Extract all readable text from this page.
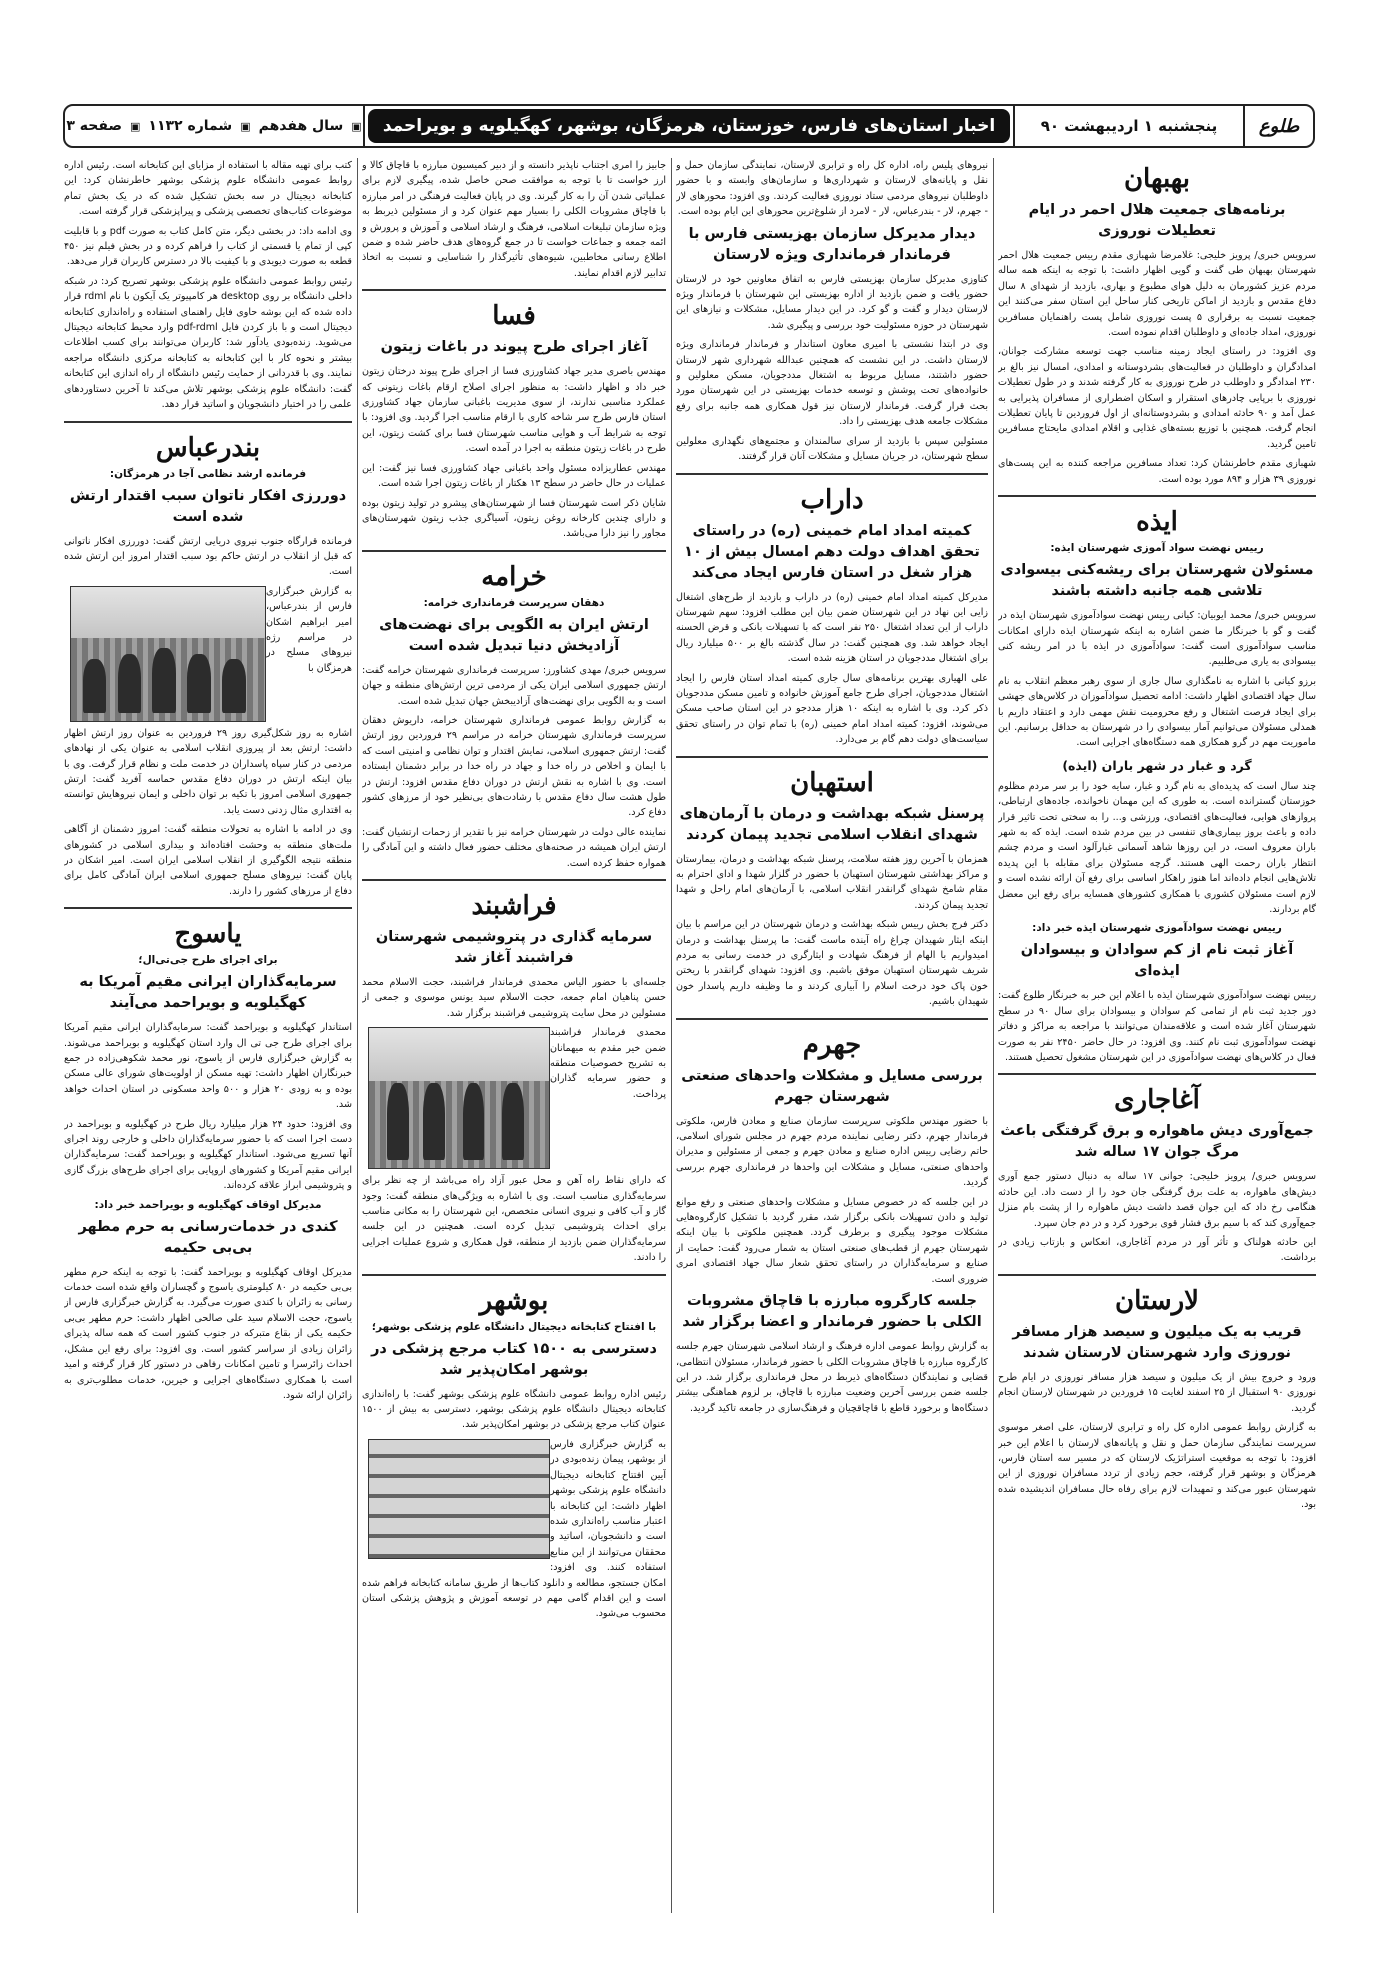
طلوع
پنجشنبه ۱ اردیبهشت ۹۰
اخبار استان‌های فارس، خوزستان، هرمزگان، بوشهر، کهگیلویه و بویراحمد
▣
سال هفدهم
▣
شماره ۱۱۳۲
▣
صفحه ۳
بهبهان
برنامه‌های جمعیت هلال احمر در ایام تعطیلات نوروزی

سرویس خبری/ پرویز خلیجی: غلامرضا شهبازی مقدم رییس جمعیت هلال احمر شهرستان بهبهان طی گفت و گویی اظهار داشت: با توجه به اینکه همه ساله مردم عزیز کشورمان به دلیل هوای مطبوع و بهاری، بازدید از شهدای ۸ سال دفاع مقدس و بازدید از اماکن تاریخی کنار ساحل این استان سفر می‌کنند این جمعیت نسبت به برقراری ۵ پست نوروزی شامل پست راهنمایان مسافرین نوروزی، امداد جاده‌ای و داوطلبان اقدام نموده است.

وی افزود: در راستای ایجاد زمینه مناسب جهت توسعه مشارکت جوانان، امدادگران و داوطلبان در فعالیت‌های بشردوستانه و امدادی، امسال نیز بالغ بر ۲۳۰ امدادگر و داوطلب در طرح نوروزی به کار گرفته شدند و در طول تعطیلات نوروزی با برپایی چادرهای استقرار و اسکان اضطراری از مسافران پذیرایی به عمل آمد و ۹۰ حادثه امدادی و بشردوستانه‌ای از اول فروردین تا پایان تعطیلات انجام گرفت. همچنین با توزیع بسته‌های غذایی و اقلام امدادی مایحتاج مسافرین تامین گردید.

شهبازی مقدم خاطرنشان کرد: تعداد مسافرین مراجعه کننده به این پست‌های نوروزی ۳۹ هزار و ۸۹۴ مورد بوده است.

ایذه
رییس نهضت سواد آموزی شهرستان ایذه:
مسئولان شهرستان برای ریشه‌کنی بیسوادی تلاشی همه جانبه داشته باشند

سرویس خبری/ محمد ایوبیان: کیانی رییس نهضت سوادآموزی شهرستان ایذه در گفت و گو با خبرنگار ما ضمن اشاره به اینکه شهرستان ایذه دارای امکانات مناسب سوادآموزی است گفت: سوادآموزی در ایذه با در امر ریشه کنی بیسوادی به یاری می‌طلبیم.

برزو کیانی با اشاره به نامگذاری سال جاری از سوی رهبر معظم انقلاب به نام سال جهاد اقتصادی اظهار داشت: ادامه تحصیل سوادآموزان در کلاس‌های جهشی برای ایجاد فرصت اشتغال و رفع محرومیت نقش مهمی دارد و اعتقاد داریم با همدلی مسئولان می‌توانیم آمار بیسوادی را در شهرستان به حداقل برسانیم. این ماموریت مهم در گرو همکاری همه دستگاه‌های اجرایی است.

گرد و غبار در شهر باران (ایذه)

چند سال است که پدیده‌ای به نام گرد و غبار، سایه خود را بر سر مردم مظلوم خوزستان گسترانده است. به طوری که این مهمان ناخوانده، جاده‌های ارتباطی، پروازهای هوایی، فعالیت‌های اقتصادی، ورزشی و... را به سختی تحت تاثیر قرار داده و باعث بروز بیماری‌های تنفسی در بین مردم شده است. ایذه که به شهر باران معروف است، در این روزها شاهد آسمانی غبارآلود است و مردم چشم انتظار باران رحمت الهی هستند. گرچه مسئولان برای مقابله با این پدیده تلاش‌هایی انجام داده‌اند اما هنوز راهکار اساسی برای رفع آن ارائه نشده است و لازم است مسئولان کشوری با همکاری کشورهای همسایه برای رفع این معضل گام بردارند.

رییس نهضت سوادآموزی شهرستان ایذه خبر داد:
آغاز ثبت نام از کم سوادان و بیسوادان ایذه‌ای

رییس نهضت سوادآموزی شهرستان ایذه با اعلام این خبر به خبرنگار طلوع گفت: دور جدید ثبت نام از تمامی کم سوادان و بیسوادان برای سال ۹۰ در سطح شهرستان آغاز شده است و علاقه‌مندان می‌توانند با مراجعه به مراکز و دفاتر نهضت سوادآموزی ثبت نام کنند. وی افزود: در حال حاضر ۲۴۵۰ نفر به صورت فعال در کلاس‌های نهضت سوادآموزی در این شهرستان مشغول تحصیل هستند.

آغاجاری
جمع‌آوری دیش ماهواره و برق گرفتگی باعث مرگ جوان ۱۷ ساله شد

سرویس خبری/ پرویز خلیجی: جوانی ۱۷ ساله به دنبال دستور جمع آوری دیش‌های ماهواره، به علت برق گرفتگی جان خود را از دست داد. این حادثه هنگامی رخ داد که این جوان قصد داشت دیش ماهواره را از پشت بام منزل جمع‌آوری کند که با سیم برق فشار قوی برخورد کرد و در دم جان سپرد.

این حادثه هولناک و تأثر آور در مردم آغاجاری، انعکاس و بازتاب زیادی در برداشت.

لارستان
قریب به یک میلیون و سیصد هزار مسافر نوروزی وارد شهرستان لارستان شدند

ورود و خروج بیش از یک میلیون و سیصد هزار مسافر نوروزی در ایام طرح نوروزی ۹۰ استقبال از ۲۵ اسفند لغایت ۱۵ فروردین در شهرستان لارستان انجام گردید.

به گزارش روابط عمومی اداره کل راه و ترابری لارستان، علی اصغر موسوی سرپرست نمایندگی سازمان حمل و نقل و پایانه‌های لارستان با اعلام این خبر افزود: با توجه به موقعیت استراتژیک لارستان که در مسیر سه استان فارس، هرمزگان و بوشهر قرار گرفته، حجم زیادی از تردد مسافران نوروزی از این شهرستان عبور می‌کند و تمهیدات لازم برای رفاه حال مسافران اندیشیده شده بود.

نیروهای پلیس راه، اداره کل راه و ترابری لارستان، نمایندگی سازمان حمل و نقل و پایانه‌های لارستان و شهرداری‌ها و سازمان‌های وابسته و با حضور داوطلبان نیروهای مردمی ستاد نوروزی فعالیت کردند. وی افزود: محورهای لار - جهرم، لار - بندرعباس، لار - لامرد از شلوغ‌ترین محورهای این ایام بوده است.

دیدار مدیرکل سازمان بهزیستی فارس با فرماندار فرمانداری ویژه لارستان

کناوزی مدیرکل سازمان بهزیستی فارس به اتفاق معاونین خود در لارستان حضور یافت و ضمن بازدید از اداره بهزیستی این شهرستان با فرماندار ویژه لارستان دیدار و گفت و گو کرد. در این دیدار مسایل، مشکلات و نیازهای این شهرستان در حوزه مسئولیت خود بررسی و پیگیری شد.

وی در ابتدا نشستی با امیری معاون استاندار و فرماندار فرمانداری ویژه لارستان داشت. در این نشست که همچنین عبدالله شهرداری شهر لارستان حضور داشتند، مسایل مربوط به اشتغال مددجویان، مسکن معلولین و خانواده‌های تحت پوشش و توسعه خدمات بهزیستی در این شهرستان مورد بحث قرار گرفت. فرماندار لارستان نیز قول همکاری همه جانبه برای رفع مشکلات جامعه هدف بهزیستی را داد.

مسئولین سپس با بازدید از سرای سالمندان و مجتمع‌های نگهداری معلولین سطح شهرستان، در جریان مسایل و مشکلات آنان قرار گرفتند.

داراب
کمیته امداد امام خمینی (ره) در راستای تحقق اهداف دولت دهم امسال بیش از ۱۰ هزار شغل در استان فارس ایجاد می‌کند

مدیرکل کمیته امداد امام خمینی (ره) در داراب و بازدید از طرح‌های اشتغال زایی این نهاد در این شهرستان ضمن بیان این مطلب افزود: سهم شهرستان داراب از این تعداد اشتغال ۲۵۰ نفر است که با تسهیلات بانکی و قرض الحسنه ایجاد خواهد شد. وی همچنین گفت: در سال گذشته بالغ بر ۵۰۰ میلیارد ریال برای اشتغال مددجویان در استان هزینه شده است.

علی الهیاری بهترین برنامه‌های سال جاری کمیته امداد استان فارس را ایجاد اشتغال مددجویان، اجرای طرح جامع آموزش خانواده و تامین مسکن مددجویان ذکر کرد. وی با اشاره به اینکه ۱۰ هزار مددجو در این استان صاحب مسکن می‌شوند، افزود: کمیته امداد امام خمینی (ره) با تمام توان در راستای تحقق سیاست‌های دولت دهم گام بر می‌دارد.

استهبان
پرسنل شبکه بهداشت و درمان با آرمان‌های شهدای انقلاب اسلامی تجدید پیمان کردند

همزمان با آخرین روز هفته سلامت، پرسنل شبکه بهداشت و درمان، بیمارستان و مراکز بهداشتی شهرستان استهبان با حضور در گلزار شهدا و ادای احترام به مقام شامخ شهدای گرانقدر انقلاب اسلامی، با آرمان‌های امام راحل و شهدا تجدید پیمان کردند.

دکتر فرج بخش رییس شبکه بهداشت و درمان شهرستان در این مراسم با بیان اینکه ایثار شهیدان چراغ راه آینده ماست گفت: ما پرسنل بهداشت و درمان امیدواریم با الهام از فرهنگ شهادت و ایثارگری در خدمت رسانی به مردم شریف شهرستان استهبان موفق باشیم. وی افزود: شهدای گرانقدر با ریختن خون پاک خود درخت اسلام را آبیاری کردند و ما وظیفه داریم پاسدار خون شهیدان باشیم.

جهرم
بررسی مسایل و مشکلات واحدهای صنعتی شهرستان جهرم

با حضور مهندس ملکوتی سرپرست سازمان صنایع و معادن فارس، ملکوتی فرماندار جهرم، دکتر رضایی نماینده مردم جهرم در مجلس شورای اسلامی، حاتم رضایی رییس اداره صنایع و معادن جهرم و جمعی از مسئولین و مدیران واحدهای صنعتی، مسایل و مشکلات این واحدها در فرمانداری جهرم بررسی گردید.

در این جلسه که در خصوص مسایل و مشکلات واحدهای صنعتی و رفع موانع تولید و دادن تسهیلات بانکی برگزار شد، مقرر گردید با تشکیل کارگروه‌هایی مشکلات موجود پیگیری و برطرف گردد. همچنین ملکوتی با بیان اینکه شهرستان جهرم از قطب‌های صنعتی استان به شمار می‌رود گفت: حمایت از صنایع و سرمایه‌گذاران در راستای تحقق شعار سال جهاد اقتصادی امری ضروری است.

جلسه کارگروه مبارزه با قاچاق مشروبات الکلی با حضور فرماندار و اعضا برگزار شد

به گزارش روابط عمومی اداره فرهنگ و ارشاد اسلامی شهرستان جهرم جلسه کارگروه مبارزه با قاچاق مشروبات الکلی با حضور فرماندار، مسئولان انتظامی، قضایی و نمایندگان دستگاه‌های ذیربط در محل فرمانداری برگزار شد. در این جلسه ضمن بررسی آخرین وضعیت مبارزه با قاچاق، بر لزوم هماهنگی بیشتر دستگاه‌ها و برخورد قاطع با قاچاقچیان و فرهنگ‌سازی در جامعه تاکید گردید.

جابیز را امری اجتناب ناپذیر دانسته و از دبیر کمیسیون مبارزه با قاچاق کالا و ارز خواست تا با توجه به موافقت صحن خاصل شده، پیگیری لازم برای عملیاتی شدن آن را به کار گیرند. وی در پایان فعالیت فرهنگی در امر مبارزه با قاچاق مشروبات الکلی را بسیار مهم عنوان کرد و از مسئولین ذیربط به ویژه سازمان تبلیغات اسلامی، فرهنگ و ارشاد اسلامی و آموزش و پرورش و ائمه جمعه و جماعات خواست تا در جمع گروه‌های هدف حاضر شده و ضمن اطلاع رسانی مخاطبین، شیوه‌های تأثیرگذار را شناسایی و نسبت به اتخاذ تدابیر لازم اقدام نمایند.

فسا
آغاز اجرای طرح پیوند در باغات زیتون

مهندس باصری مدیر جهاد کشاورزی فسا از اجرای طرح پیوند درختان زیتون خبر داد و اظهار داشت: به منظور اجرای اصلاح ارقام باغات زیتونی که عملکرد مناسبی ندارند، از سوی مدیریت باغبانی سازمان جهاد کشاورزی استان فارس طرح سر شاخه کاری با ارقام مناسب اجرا گردید. وی افزود: با توجه به شرایط آب و هوایی مناسب شهرستان فسا برای کشت زیتون، این طرح در باغات زیتون منطقه به اجرا در آمده است.

مهندس عطاریزاده مسئول واحد باغبانی جهاد کشاورزی فسا نیز گفت: این عملیات در حال حاضر در سطح ۱۳ هکتار از باغات زیتون اجرا شده است.

شایان ذکر است شهرستان فسا از شهرستان‌های پیشرو در تولید زیتون بوده و دارای چندین کارخانه روغن زیتون، آسیاگری جذب زیتون شهرستان‌های مجاور را نیز دارا می‌باشد.

خرامه
دهقان سرپرست فرمانداری خرامه:
ارتش ایران به الگویی برای نهضت‌های آزادیخش دنیا تبدیل شده است

سرویس خبری/ مهدی کشاورز: سرپرست فرمانداری شهرستان خرامه گفت: ارتش جمهوری اسلامی ایران یکی از مردمی ترین ارتش‌های منطقه و جهان است و به الگویی برای نهضت‌های آزادیبخش جهان تبدیل شده است.

به گزارش روابط عمومی فرمانداری شهرستان خرامه، داریوش دهقان سرپرست فرمانداری شهرستان خرامه در مراسم ۲۹ فروردین روز ارتش گفت: ارتش جمهوری اسلامی، نمایش اقتدار و توان نظامی و امنیتی است که با ایمان و اخلاص در راه خدا و جهاد در راه خدا در برابر دشمنان ایستاده است. وی با اشاره به نقش ارتش در دوران دفاع مقدس افزود: ارتش در طول هشت سال دفاع مقدس با رشادت‌های بی‌نظیر خود از مرزهای کشور دفاع کرد.

نماینده عالی دولت در شهرستان خرامه نیز با تقدیر از زحمات ارتشیان گفت: ارتش ایران همیشه در صحنه‌های مختلف حضور فعال داشته و این آمادگی را همواره حفظ کرده است.

فراشبند
سرمایه گذاری در پتروشیمی شهرستان فراشبند آغاز شد

جلسه‌ای با حضور الیاس محمدی فرماندار فراشبند، حجت الاسلام محمد حسن پناهیان امام جمعه، حجت الاسلام سید یونس موسوی و جمعی از مسئولین در محل سایت پتروشیمی فراشبند برگزار شد.

محمدی فرماندار فراشبند ضمن خیر مقدم به میهمانان به تشریح خصوصیات منطقه و حضور سرمایه گذاران پرداخت.

که دارای نقاط راه آهن و محل عبور آزاد راه می‌باشد از چه نظر برای سرمایه‌گذاری مناسب است. وی با اشاره به ویژگی‌های منطقه گفت: وجود گاز و آب کافی و نیروی انسانی متخصص، این شهرستان را به مکانی مناسب برای احداث پتروشیمی تبدیل کرده است. همچنین در این جلسه سرمایه‌گذاران ضمن بازدید از منطقه، قول همکاری و شروع عملیات اجرایی را دادند.

بوشهر
با افتتاح کتابخانه دیجیتال دانشگاه علوم پزشکی بوشهر؛
دسترسی به ۱۵۰۰ کتاب مرجع پزشکی در بوشهر امکان‌پذیر شد

رئیس اداره روابط عمومی دانشگاه علوم پزشکی بوشهر گفت: با راه‌اندازی کتابخانه دیجیتال دانشگاه علوم پزشکی بوشهر، دسترسی به بیش از ۱۵۰۰ عنوان کتاب مرجع پزشکی در بوشهر امکان‌پذیر شد.

به گزارش خبرگزاری فارس از بوشهر، پیمان زنده‌بودی در آیین افتتاح کتابخانه دیجیتال دانشگاه علوم پزشکی بوشهر اظهار داشت: این کتابخانه با اعتبار مناسب راه‌اندازی شده است و دانشجویان، اساتید و محققان می‌توانند از این منابع استفاده کنند. وی افزود: امکان جستجو، مطالعه و دانلود کتاب‌ها از طریق سامانه کتابخانه فراهم شده است و این اقدام گامی مهم در توسعه آموزش و پژوهش پزشکی استان محسوب می‌شود.

کتب برای تهیه مقاله با استفاده از مزایای این کتابخانه است. رئیس اداره روابط عمومی دانشگاه علوم پزشکی بوشهر خاطرنشان کرد: این کتابخانه دیجیتال در سه بخش تشکیل شده که در یک بخش تمام موضوعات کتاب‌های تخصصی پزشکی و پیراپزشکی قرار گرفته است.

وی ادامه داد: در بخشی دیگر، متن کامل کتاب به صورت pdf و با قابلیت کپی از تمام یا قسمتی از کتاب را فراهم کرده و در بخش فیلم نیز ۴۵۰ قطعه به صورت دیویدی و با کیفیت بالا در دسترس کاربران قرار می‌دهد.

رئیس روابط عمومی دانشگاه علوم پزشکی بوشهر تصریح کرد: در شبکه داخلی دانشگاه بر روی desktop هر کامپیوتر یک آیکون با نام rdml قرار داده شده که این بوشه حاوی فایل راهنمای استفاده و راه‌اندازی کتابخانه دیجیتال است و با باز کردن فایل pdf-rdml وارد محیط کتابخانه دیجیتال می‌شوید. زنده‌بودی یادآور شد: کاربران می‌توانند برای کسب اطلاعات بیشتر و نحوه کار با این کتابخانه به کتابخانه مرکزی دانشگاه مراجعه نمایند. وی با قدردانی از حمایت رئیس دانشگاه از راه اندازی این کتابخانه گفت: دانشگاه علوم پزشکی بوشهر تلاش می‌کند تا آخرین دستاوردهای علمی را در اختیار دانشجویان و اساتید قرار دهد.

بندرعباس
فرمانده ارشد نظامی آجا در هرمزگان:
دوررزی افکار ناتوان سبب اقتدار ارتش شده است

فرمانده قرارگاه جنوب نیروی دریایی ارتش گفت: دوررزی افکار ناتوانی که قبل از انقلاب در ارتش حاکم بود سبب اقتدار امروز این ارتش شده است.

به گزارش خبرگزاری فارس از بندرعباس، امیر ابراهیم اشکان در مراسم رژه نیروهای مسلح در هرمزگان با

اشاره به روز شکل‌گیری روز ۲۹ فروردین به عنوان روز ارتش اظهار داشت: ارتش بعد از پیروزی انقلاب اسلامی به عنوان یکی از نهادهای مردمی در کنار سپاه پاسداران در خدمت ملت و نظام قرار گرفت. وی با بیان اینکه ارتش در دوران دفاع مقدس حماسه آفرید گفت: ارتش جمهوری اسلامی امروز با تکیه بر توان داخلی و ایمان نیروهایش توانسته به اقتداری مثال زدنی دست یابد.

وی در ادامه با اشاره به تحولات منطقه گفت: امروز دشمنان از آگاهی ملت‌های منطقه به وحشت افتاده‌اند و بیداری اسلامی در کشورهای منطقه نتیجه الگوگیری از انقلاب اسلامی ایران است. امیر اشکان در پایان گفت: نیروهای مسلح جمهوری اسلامی ایران آمادگی کامل برای دفاع از مرزهای کشور را دارند.

یاسوج
برای اجرای طرح جی‌تی‌ال؛
سرمایه‌گذاران ایرانی مقیم آمریکا به کهگیلویه و بویراحمد می‌آیند

استاندار کهگیلویه و بویراحمد گفت: سرمایه‌گذاران ایرانی مقیم آمریکا برای اجرای طرح جی تی ال وارد استان کهگیلویه و بویراحمد می‌شوند. به گزارش خبرگزاری فارس از یاسوج، نور محمد شکوهی‌زاده در جمع خبرنگاران اظهار داشت: تهیه مسکن از اولویت‌های شورای عالی مسکن بوده و به زودی ۲۰ هزار و ۵۰۰ واحد مسکونی در استان احداث خواهد شد.

وی افزود: حدود ۲۴ هزار میلیارد ریال طرح در کهگیلویه و بویراحمد در دست اجرا است که با حضور سرمایه‌گذاران داخلی و خارجی روند اجرای آنها تسریع می‌شود. استاندار کهگیلویه و بویراحمد گفت: سرمایه‌گذاران ایرانی مقیم آمریکا و کشورهای اروپایی برای اجرای طرح‌های بزرگ گازی و پتروشیمی ابراز علاقه کرده‌اند.

مدیرکل اوقاف کهگیلویه و بویراحمد خبر داد:
کندی در خدمات‌رسانی به حرم مطهر بی‌بی حکیمه

مدیرکل اوقاف کهگیلویه و بویراحمد گفت: با توجه به اینکه حرم مطهر بی‌بی حکیمه در ۸۰ کیلومتری یاسوج و گچساران واقع شده است خدمات رسانی به زائران با کندی صورت می‌گیرد. به گزارش خبرگزاری فارس از یاسوج، حجت الاسلام سید علی صالحی اظهار داشت: حرم مطهر بی‌بی حکیمه یکی از بقاع متبرکه در جنوب کشور است که همه ساله پذیرای زائران زیادی از سراسر کشور است. وی افزود: برای رفع این مشکل، احداث زائرسرا و تامین امکانات رفاهی در دستور کار قرار گرفته و امید است با همکاری دستگاه‌های اجرایی و خیرین، خدمات مطلوب‌تری به زائران ارائه شود.
